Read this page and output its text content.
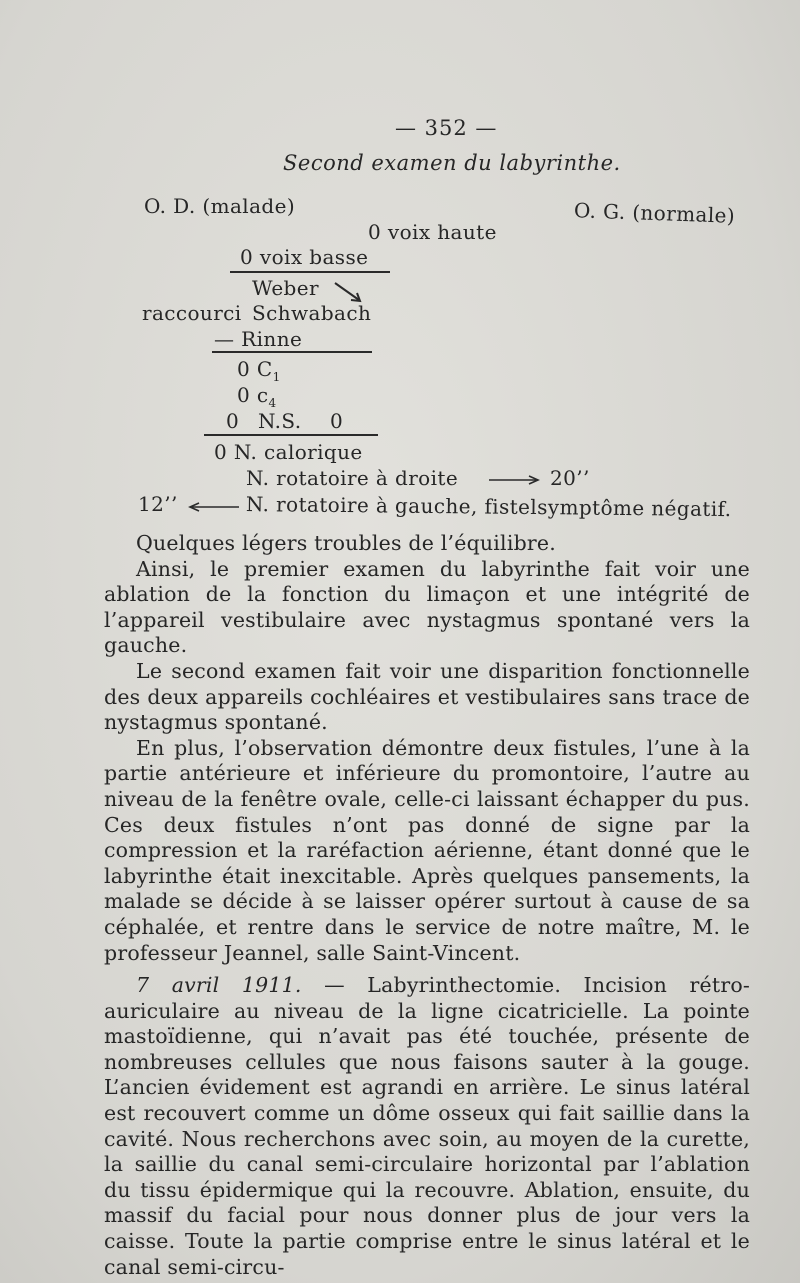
— 352 —
Second examen du labyrinthe.
O. D. (malade)	O. G. (normale)
0 voix haute
0 voix basse
Weber
raccourci Schwabach
— Rinne
0 $C_1$
0 $c_4$
0 N.S. 0
0 N. calorique
N. rotatoire à droite	20’’
12’’	N. rotatoire à gauche, fistelsymptôme négatif.

Quelques légers troubles de l’équilibre.

Ainsi, le premier examen du labyrinthe fait voir une ablation de la fonction du limaçon et une intégrité de l’appareil vestibulaire avec nystagmus spontané vers la gauche.

Le second examen fait voir une disparition fonctionnelle des deux appareils cochléaires et vestibulaires sans trace de nystagmus spontané.

En plus, l’observation démontre deux fistules, l’une à la partie antérieure et inférieure du promontoire, l’autre au niveau de la fenêtre ovale, celle-ci laissant échapper du pus. Ces deux fistules n’ont pas donné de signe par la compression et la raréfaction aérienne, étant donné que le labyrinthe était inexcitable. Après quelques pansements, la malade se décide à se laisser opérer surtout à cause de sa céphalée, et rentre dans le service de notre maître, M. le professeur Jeannel, salle Saint-Vincent.

7 avril 1911. — Labyrinthectomie. Incision rétro-auriculaire au niveau de la ligne cicatricielle. La pointe mastoïdienne, qui n’avait pas été touchée, présente de nombreuses cellules que nous faisons sauter à la gouge. L’ancien évidement est agrandi en arrière. Le sinus latéral est recouvert comme un dôme osseux qui fait saillie dans la cavité. Nous recherchons avec soin, au moyen de la curette, la saillie du canal semi-circulaire horizontal par l’ablation du tissu épidermique qui la recouvre. Ablation, ensuite, du massif du facial pour nous donner plus de jour vers la caisse. Toute la partie comprise entre le sinus latéral et le canal semi-circu-
